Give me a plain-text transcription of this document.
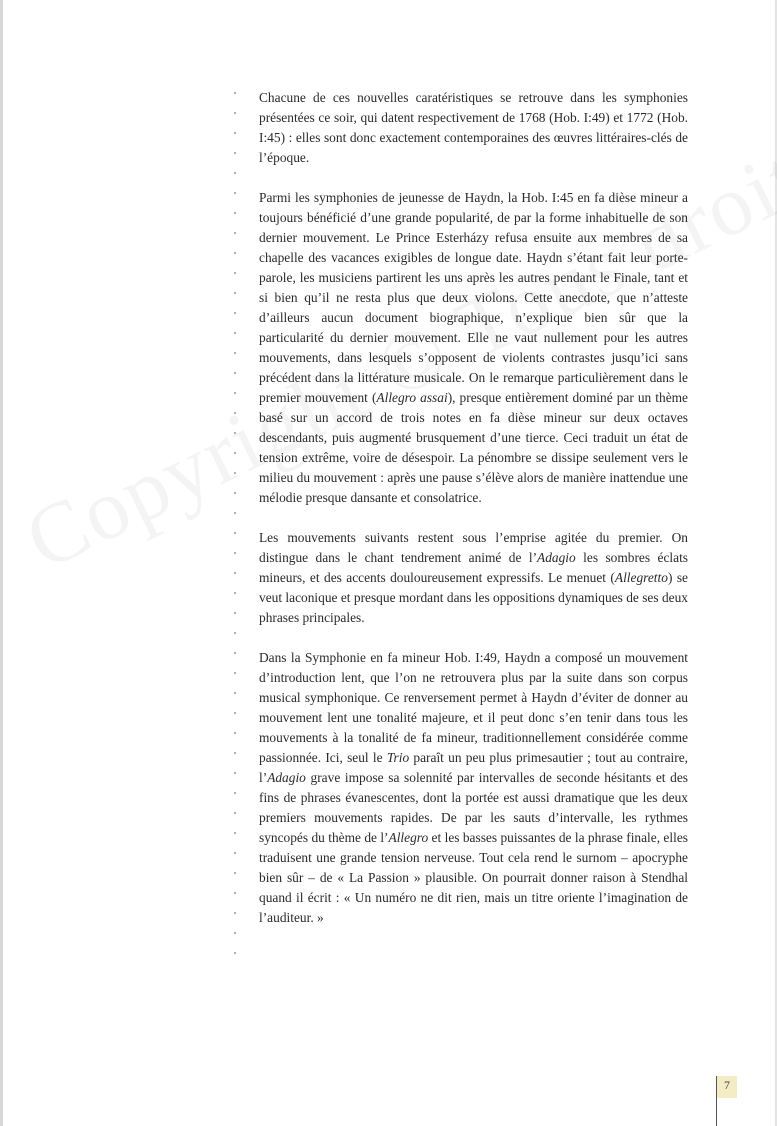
Chacune de ces nouvelles caratéristiques se retrouve dans les symphonies présentées ce soir, qui datent respectivement de 1768 (Hob. I:49) et 1772 (Hob. I:45) : elles sont donc exactement contemporaines des œuvres littéraires-clés de l’époque.

Parmi les symphonies de jeunesse de Haydn, la Hob. I:45 en fa dièse mineur a toujours bénéficié d’une grande popularité, de par la forme inhabituelle de son dernier mouvement. Le Prince Esterházy refusa ensuite aux membres de sa chapelle des vacances exigibles de longue date. Haydn s’étant fait leur porte-parole, les musiciens partirent les uns après les autres pendant le Finale, tant et si bien qu’il ne resta plus que deux violons. Cette anecdote, que n’atteste d’ailleurs aucun document biographique, n’explique bien sûr que la particularité du dernier mouvement. Elle ne vaut nullement pour les autres mouvements, dans lesquels s’opposent de violents contrastes jusqu’ici sans précédent dans la littérature musicale. On le remarque particulièrement dans le premier mouvement (Allegro assai), presque entièrement dominé par un thème basé sur un accord de trois notes en fa dièse mineur sur deux octaves descendants, puis augmenté brusquement d’une tierce. Ceci traduit un état de tension extrême, voire de désespoir. La pénombre se dissipe seulement vers le milieu du mouvement : après une pause s’élève alors de manière inattendue une mélodie presque dansante et consolatrice.

Les mouvements suivants restent sous l’emprise agitée du premier. On distingue dans le chant tendrement animé de l’Adagio les sombres éclats mineurs, et des accents douloureusement expressifs. Le menuet (Allegretto) se veut laconique et presque mordant dans les oppositions dynamiques de ses deux phrases principales.

Dans la Symphonie en fa mineur Hob. I:49, Haydn a composé un mouvement d’introduction lent, que l’on ne retrouvera plus par la suite dans son corpus musical symphonique. Ce renversement permet à Haydn d’éviter de donner au mouvement lent une tonalité majeure, et il peut donc s’en tenir dans tous les mouvements à la tonalité de fa mineur, traditionnellement considérée comme passionnée. Ici, seul le Trio paraît un peu plus primesautier ; tout au contraire, l’Adagio grave impose sa solennité par intervalles de seconde hésitants et des fins de phrases évanescentes, dont la portée est aussi dramatique que les deux premiers mouvements rapides. De par les sauts d’intervalle, les rythmes syncopés du thème de l’Allegro et les basses puissantes de la phrase finale, elles traduisent une grande tension nerveuse. Tout cela rend le surnom – apocryphe bien sûr – de « La Passion » plausible. On pourrait donner raison à Stendhal quand il écrit : « Un numéro ne dit rien, mais un titre oriente l’imagination de l’auditeur. »

7
